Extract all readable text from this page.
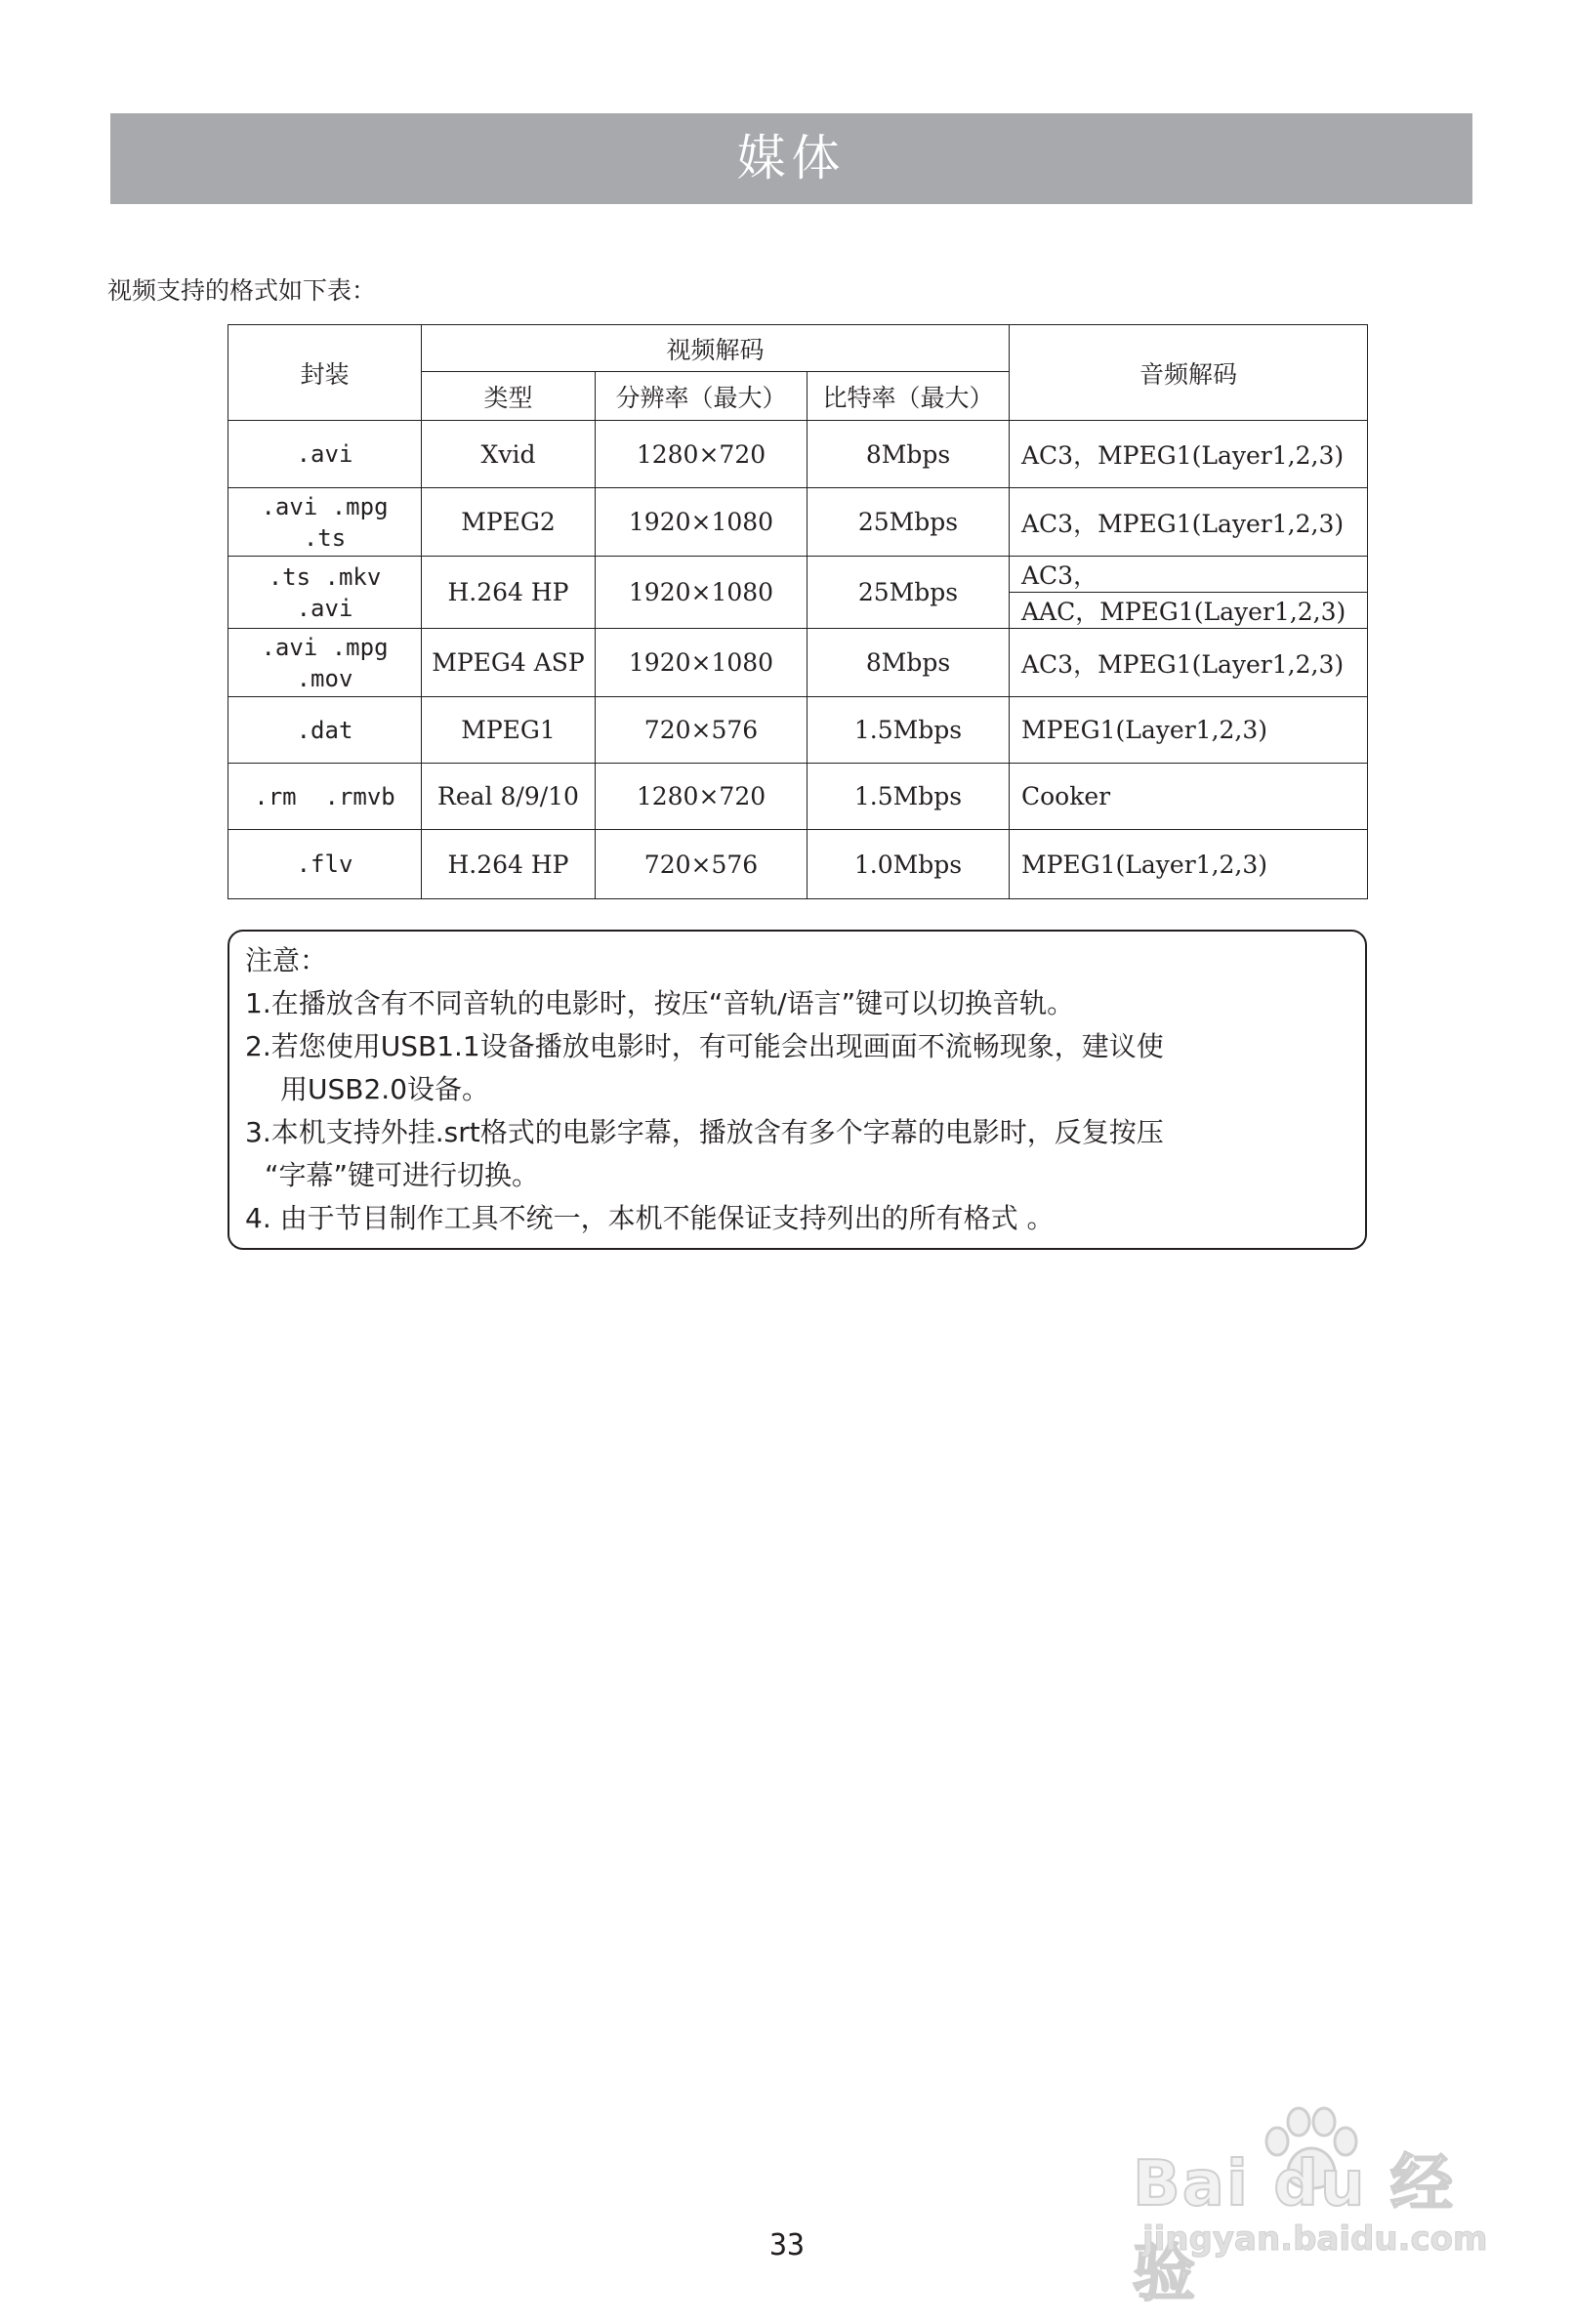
媒体
视频支持的格式如下表：
封装	视频解码			音频解码
	类型	分辨率（最大）	比特率（最大）	
.avi	Xvid	1280×720	8Mbps	AC3，MPEG1(Layer1,2,3)
.avi .mpg
.ts	MPEG2	1920×1080	25Mbps	AC3，MPEG1(Layer1,2,3)
.ts .mkv
.avi	H.264 HP	1920×1080	25Mbps	AC3，
				AAC，MPEG1(Layer1,2,3)
.avi .mpg
.mov	MPEG4 ASP	1920×1080	8Mbps	AC3，MPEG1(Layer1,2,3)
.dat	MPEG1	720×576	1.5Mbps	MPEG1(Layer1,2,3)
.rm  .rmvb	Real 8/9/10	1280×720	1.5Mbps	Cooker
.flv	H.264 HP	720×576	1.0Mbps	MPEG1(Layer1,2,3)
注意：
1.在播放含有不同音轨的电影时，按压“音轨/语言”键可以切换音轨。
2.若您使用USB1.1设备播放电影时，有可能会出现画面不流畅现象，建议使
用USB2.0设备。
3.本机支持外挂.srt格式的电影字幕，播放含有多个字幕的电影时，反复按压
“字幕”键可进行切换。
4. 由于节目制作工具不统一，本机不能保证支持列出的所有格式 。
33
Bai du 经验
jingyan.baidu.com
